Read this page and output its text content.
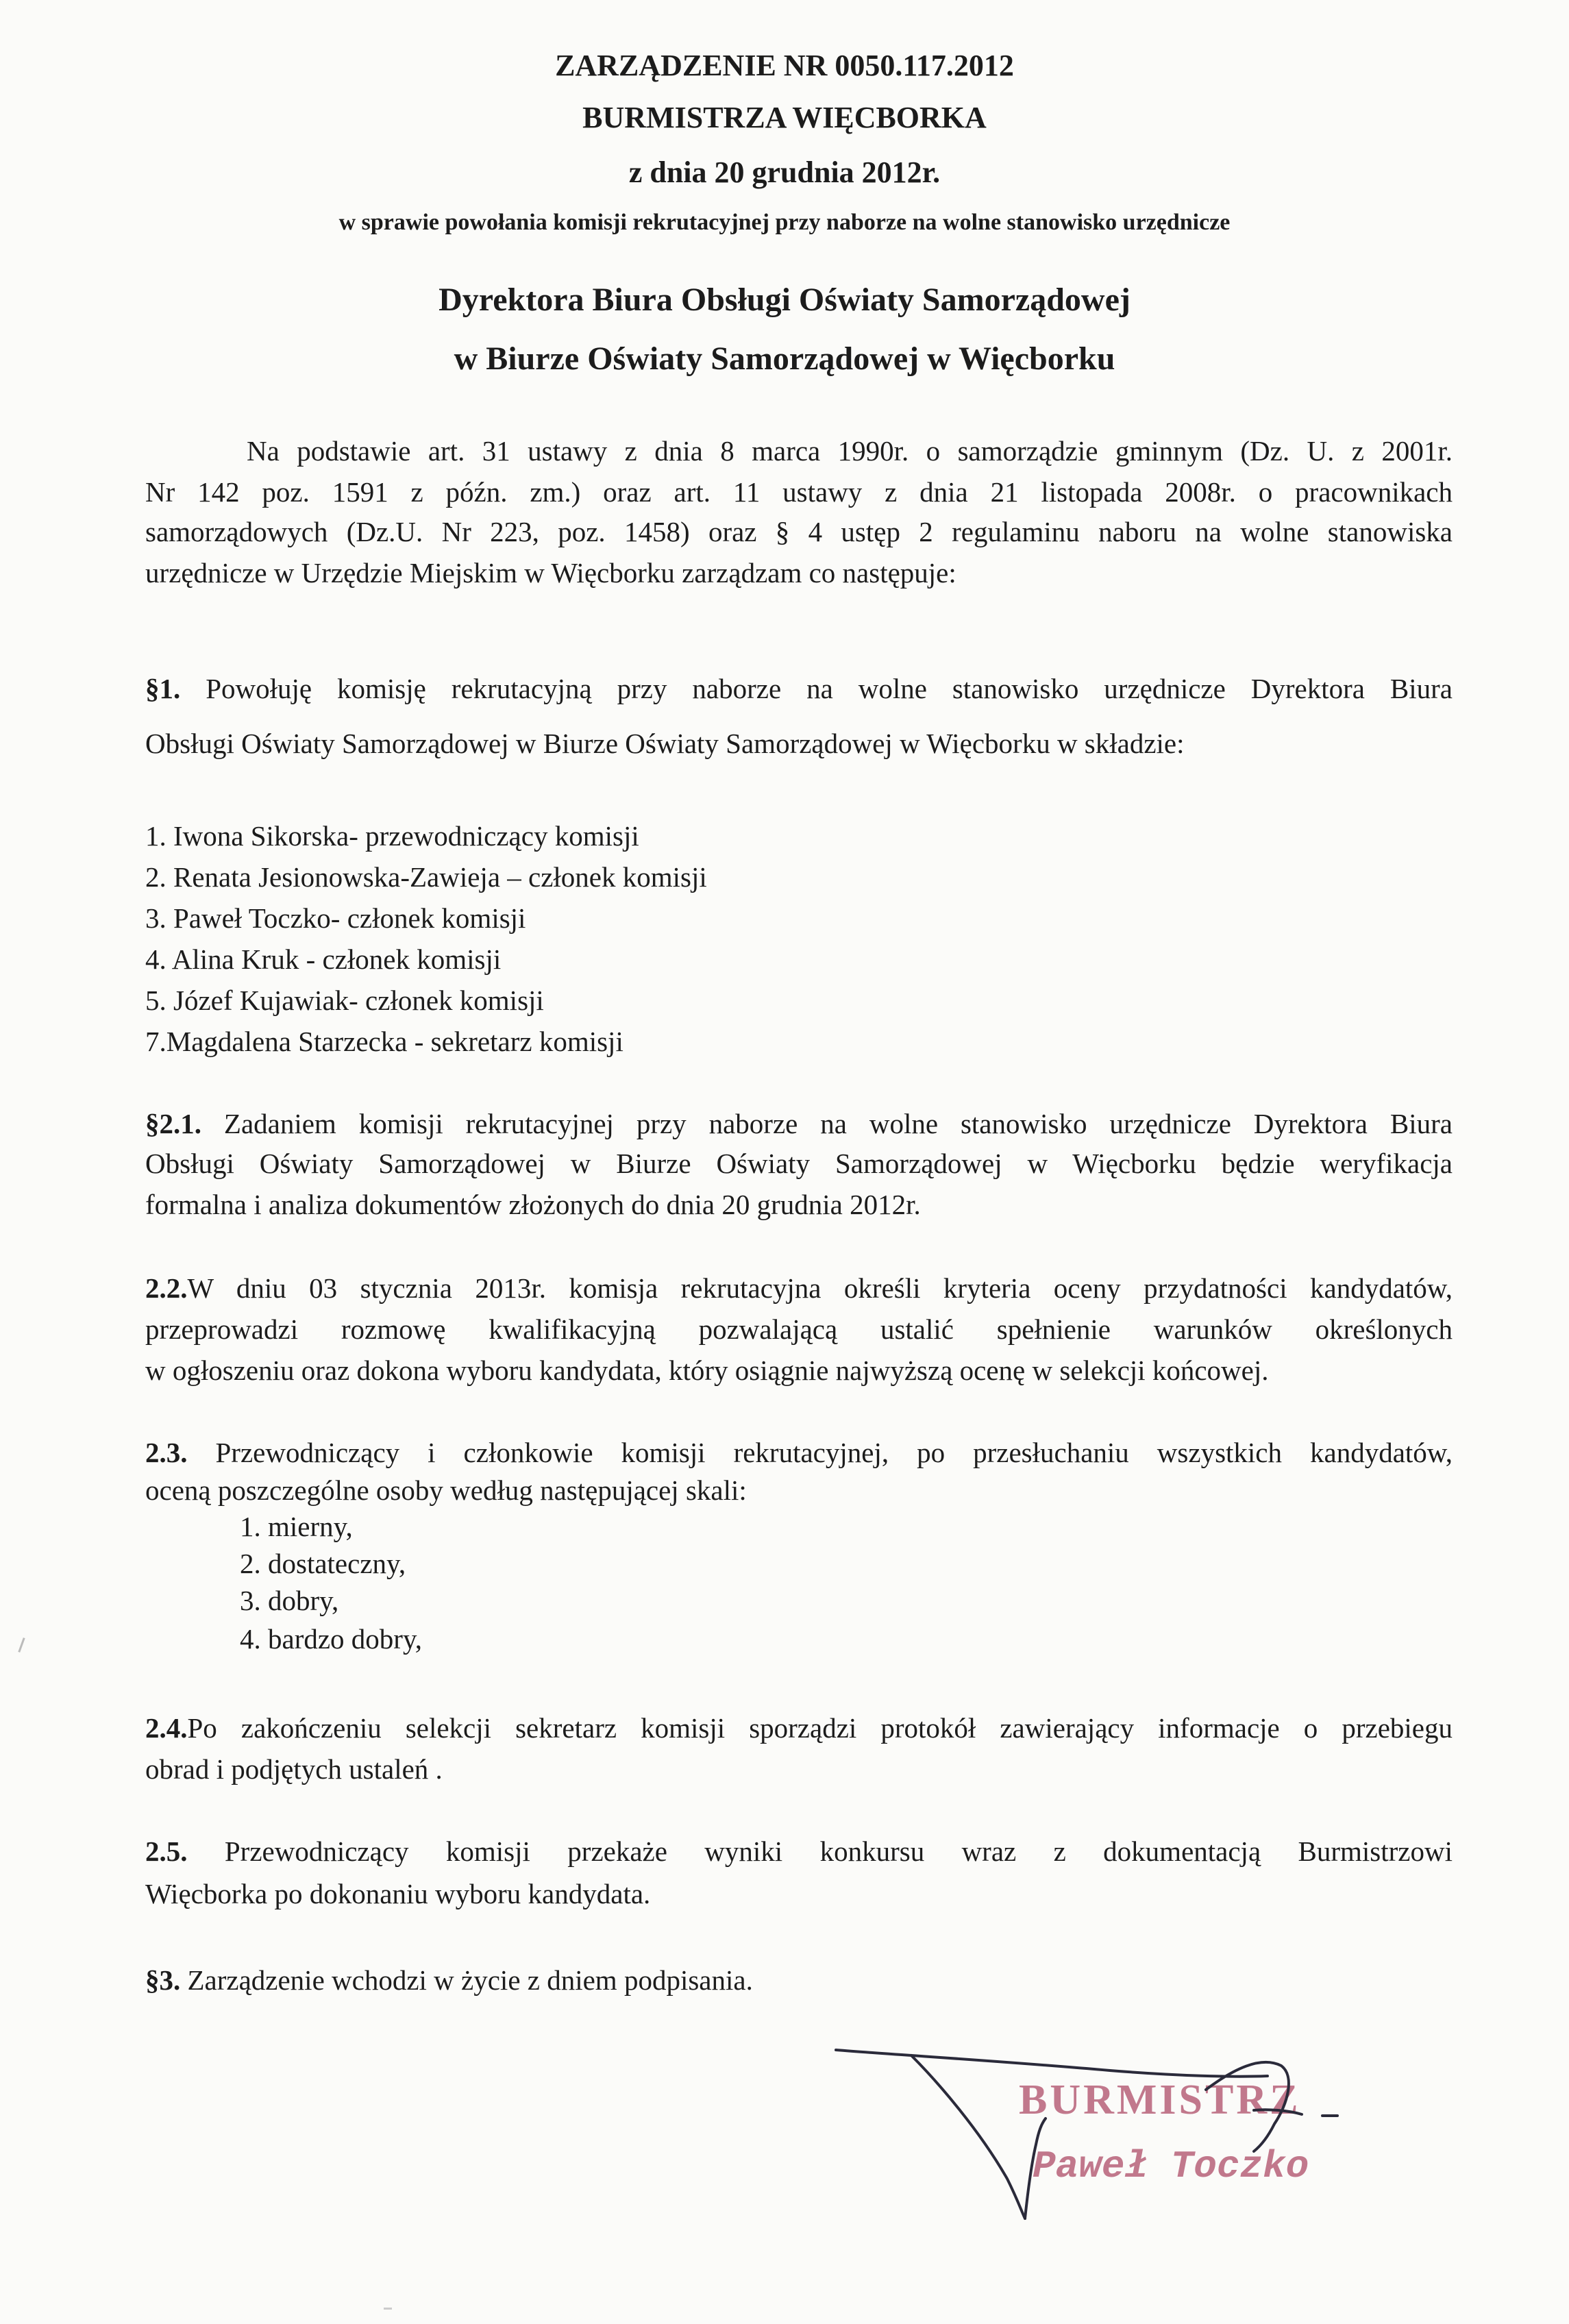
ZARZĄDZENIE NR 0050.117.2012
BURMISTRZA WIĘCBORKA
z dnia 20 grudnia 2012r.
w sprawie powołania komisji rekrutacyjnej przy naborze na wolne stanowisko urzędnicze
Dyrektora Biura Obsługi Oświaty Samorządowej
w Biurze Oświaty Samorządowej w Więcborku
Na podstawie art. 31 ustawy z dnia 8 marca 1990r. o samorządzie gminnym (Dz. U. z 2001r.
Nr 142 poz. 1591 z późn. zm.) oraz art. 11 ustawy z dnia 21 listopada 2008r. o pracownikach
samorządowych (Dz.U. Nr 223, poz. 1458) oraz § 4 ustęp 2 regulaminu naboru na wolne stanowiska
urzędnicze w Urzędzie Miejskim w Więcborku zarządzam co następuje:
§1. Powołuję komisję rekrutacyjną przy naborze na wolne stanowisko urzędnicze Dyrektora Biura
Obsługi Oświaty Samorządowej w Biurze Oświaty Samorządowej w Więcborku w składzie:
1. Iwona Sikorska- przewodniczący komisji
2. Renata Jesionowska-Zawieja – członek komisji
3. Paweł Toczko- członek komisji
4. Alina Kruk - członek komisji
5. Józef Kujawiak- członek komisji
7.Magdalena Starzecka - sekretarz komisji
§2.1. Zadaniem komisji rekrutacyjnej przy naborze na wolne stanowisko urzędnicze Dyrektora Biura
Obsługi Oświaty Samorządowej w Biurze Oświaty Samorządowej w Więcborku będzie weryfikacja
formalna i analiza dokumentów złożonych do dnia 20 grudnia 2012r.
2.2.W dniu 03 stycznia 2013r. komisja rekrutacyjna określi kryteria oceny przydatności kandydatów,
przeprowadzi rozmowę kwalifikacyjną pozwalającą ustalić spełnienie warunków określonych
w ogłoszeniu oraz dokona wyboru kandydata, który osiągnie najwyższą ocenę w selekcji końcowej.
2.3. Przewodniczący i członkowie komisji rekrutacyjnej, po przesłuchaniu wszystkich kandydatów,
oceną poszczególne osoby według następującej skali:
1. mierny,
2. dostateczny,
3. dobry,
4. bardzo dobry,
2.4.Po zakończeniu selekcji sekretarz komisji sporządzi protokół zawierający informacje o przebiegu
obrad i podjętych ustaleń .
2.5. Przewodniczący komisji przekaże wyniki konkursu wraz z dokumentacją Burmistrzowi
Więcborka po dokonaniu wyboru kandydata.
§3. Zarządzenie wchodzi w życie z dniem podpisania.
BURMISTRZ
Paweł Toczko
